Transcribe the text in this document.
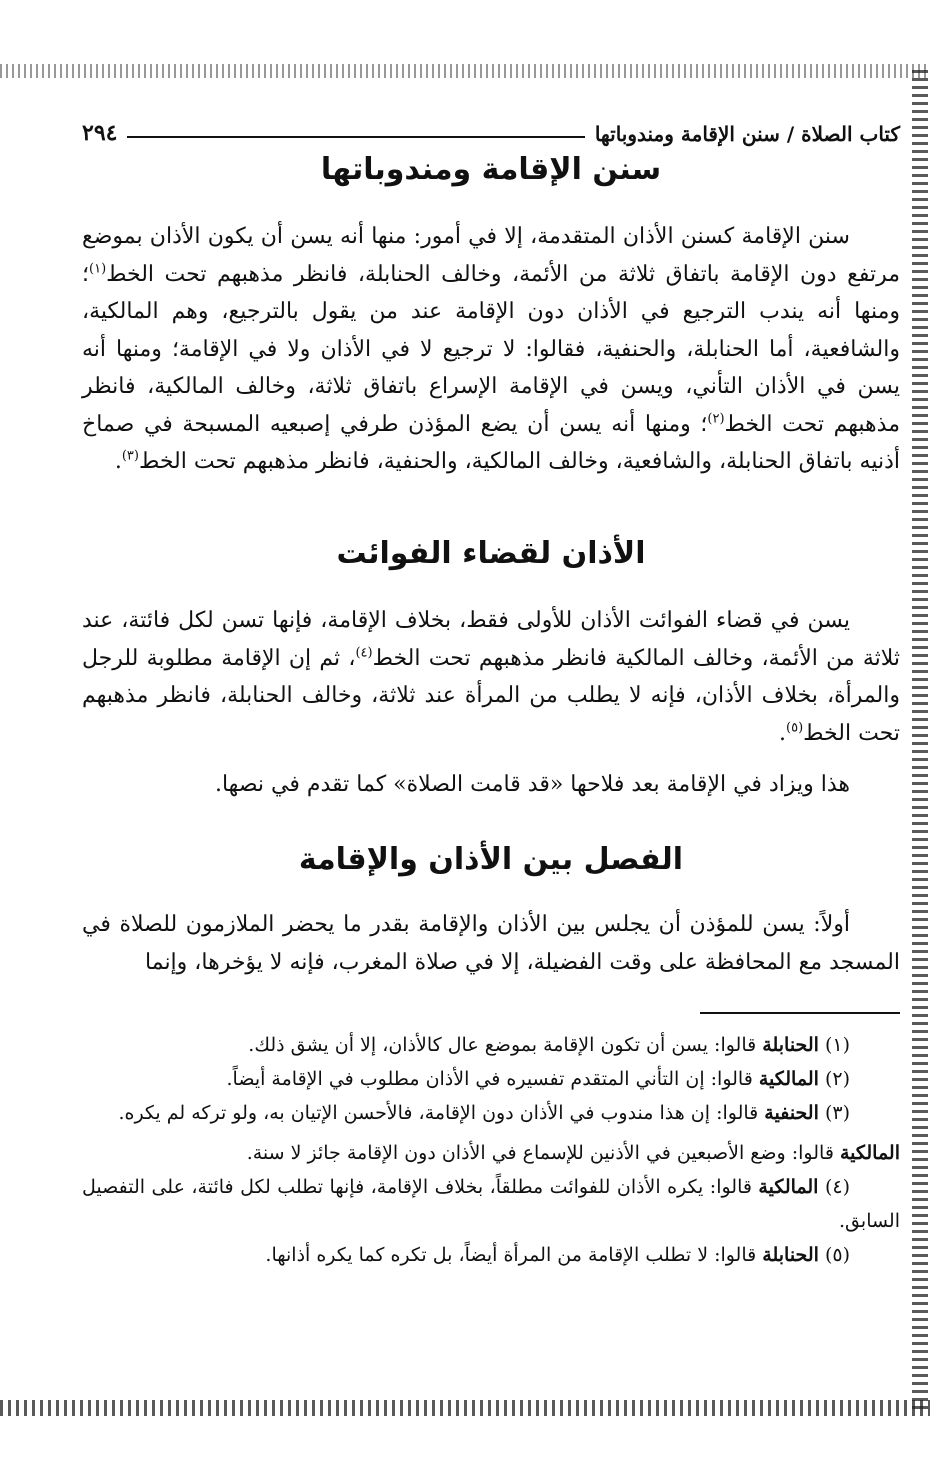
كتاب الصلاة / سنن الإقامة ومندوباتها
٢٩٤
سنن الإقامة ومندوباتها

سنن الإقامة كسنن الأذان المتقدمة، إلا في أمور: منها أنه يسن أن يكون الأذان بموضع مرتفع دون الإقامة باتفاق ثلاثة من الأئمة، وخالف الحنابلة، فانظر مذهبهم تحت الخط$^{(١)}$؛ ومنها أنه يندب الترجيع في الأذان دون الإقامة عند من يقول بالترجيع، وهم المالكية، والشافعية، أما الحنابلة، والحنفية، فقالوا: لا ترجيع لا في الأذان ولا في الإقامة؛ ومنها أنه يسن في الأذان التأني، ويسن في الإقامة الإسراع باتفاق ثلاثة، وخالف المالكية، فانظر مذهبهم تحت الخط$^{(٢)}$؛ ومنها أنه يسن أن يضع المؤذن طرفي إصبعيه المسبحة في صماخ أذنيه باتفاق الحنابلة، والشافعية، وخالف المالكية، والحنفية، فانظر مذهبهم تحت الخط$^{(٣)}$.

الأذان لقضاء الفوائت

يسن في قضاء الفوائت الأذان للأولى فقط، بخلاف الإقامة، فإنها تسن لكل فائتة، عند ثلاثة من الأئمة، وخالف المالكية فانظر مذهبهم تحت الخط$^{(٤)}$، ثم إن الإقامة مطلوبة للرجل والمرأة، بخلاف الأذان، فإنه لا يطلب من المرأة عند ثلاثة، وخالف الحنابلة، فانظر مذهبهم تحت الخط$^{(٥)}$.

هذا ويزاد في الإقامة بعد فلاحها «قد قامت الصلاة» كما تقدم في نصها.

الفصل بين الأذان والإقامة

أولاً: يسن للمؤذن أن يجلس بين الأذان والإقامة بقدر ما يحضر الملازمون للصلاة في المسجد مع المحافظة على وقت الفضيلة، إلا في صلاة المغرب، فإنه لا يؤخرها، وإنما

(١) الحنابلة قالوا: يسن أن تكون الإقامة بموضع عال كالأذان، إلا أن يشق ذلك.
(٢) المالكية قالوا: إن التأني المتقدم تفسيره في الأذان مطلوب في الإقامة أيضاً.
(٣) الحنفية قالوا: إن هذا مندوب في الأذان دون الإقامة، فالأحسن الإتيان به، ولو تركه لم يكره.
المالكية قالوا: وضع الأصبعين في الأذنين للإسماع في الأذان دون الإقامة جائز لا سنة.
(٤) المالكية قالوا: يكره الأذان للفوائت مطلقاً، بخلاف الإقامة، فإنها تطلب لكل فائتة، على التفصيل السابق.
(٥) الحنابلة قالوا: لا تطلب الإقامة من المرأة أيضاً، بل تكره كما يكره أذانها.
